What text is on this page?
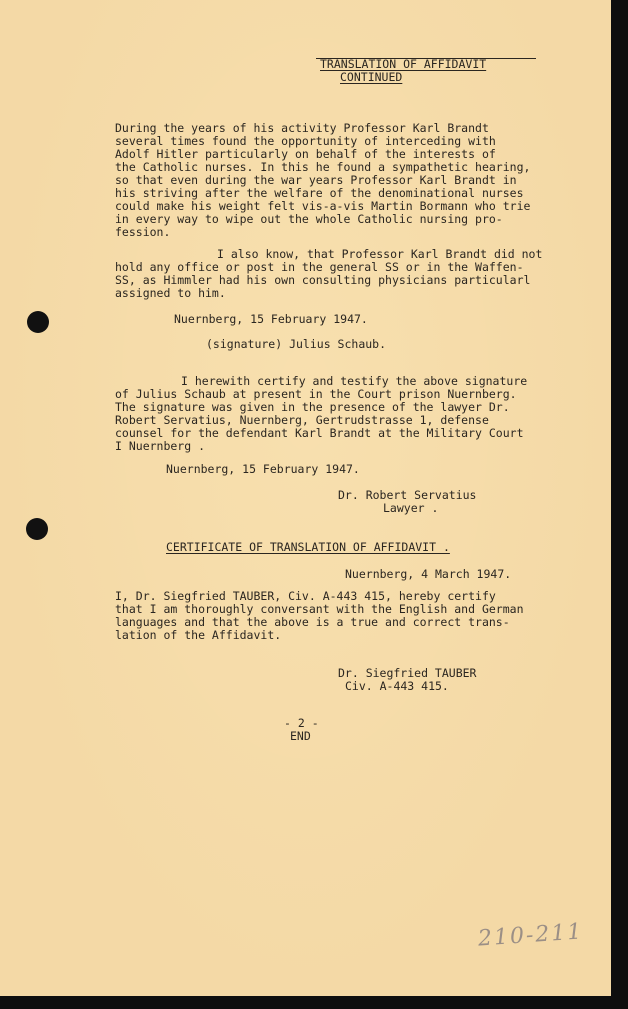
TRANSLATION OF AFFIDAVIT
CONTINUED
During the years of his activity Professor Karl Brandt
several times found the opportunity of interceding with
Adolf Hitler particularly on behalf of the interests of
the Catholic nurses. In this he found a sympathetic hearing,
so that even during the war years Professor Karl Brandt in
his striving after the welfare of the denominational nurses
could make his weight felt vis-a-vis Martin Bormann who trie
in every way to wipe out the whole Catholic nursing pro-
fession.
I also know, that Professor Karl Brandt did not
hold any office or post in the general SS or in the Waffen-
SS, as Himmler had his own consulting physicians particularl
assigned to him.
Nuernberg, 15 February 1947.
(signature) Julius Schaub.
I herewith certify and testify the above signature
of Julius Schaub at present in the Court prison Nuernberg.
The signature was given in the presence of the lawyer Dr.
Robert Servatius, Nuernberg, Gertrudstrasse 1, defense
counsel for the defendant Karl Brandt at the Military Court
I Nuernberg .
Nuernberg, 15 February 1947.
Dr. Robert Servatius
Lawyer .
CERTIFICATE OF TRANSLATION OF AFFIDAVIT .
Nuernberg, 4 March 1947.
I, Dr. Siegfried TAUBER, Civ. A-443 415, hereby certify
that I am thoroughly conversant with the English and German
languages and that the above is a true and correct trans-
lation of the Affidavit.
Dr. Siegfried TAUBER
Civ. A-443 415.
- 2 -
END
210-211
